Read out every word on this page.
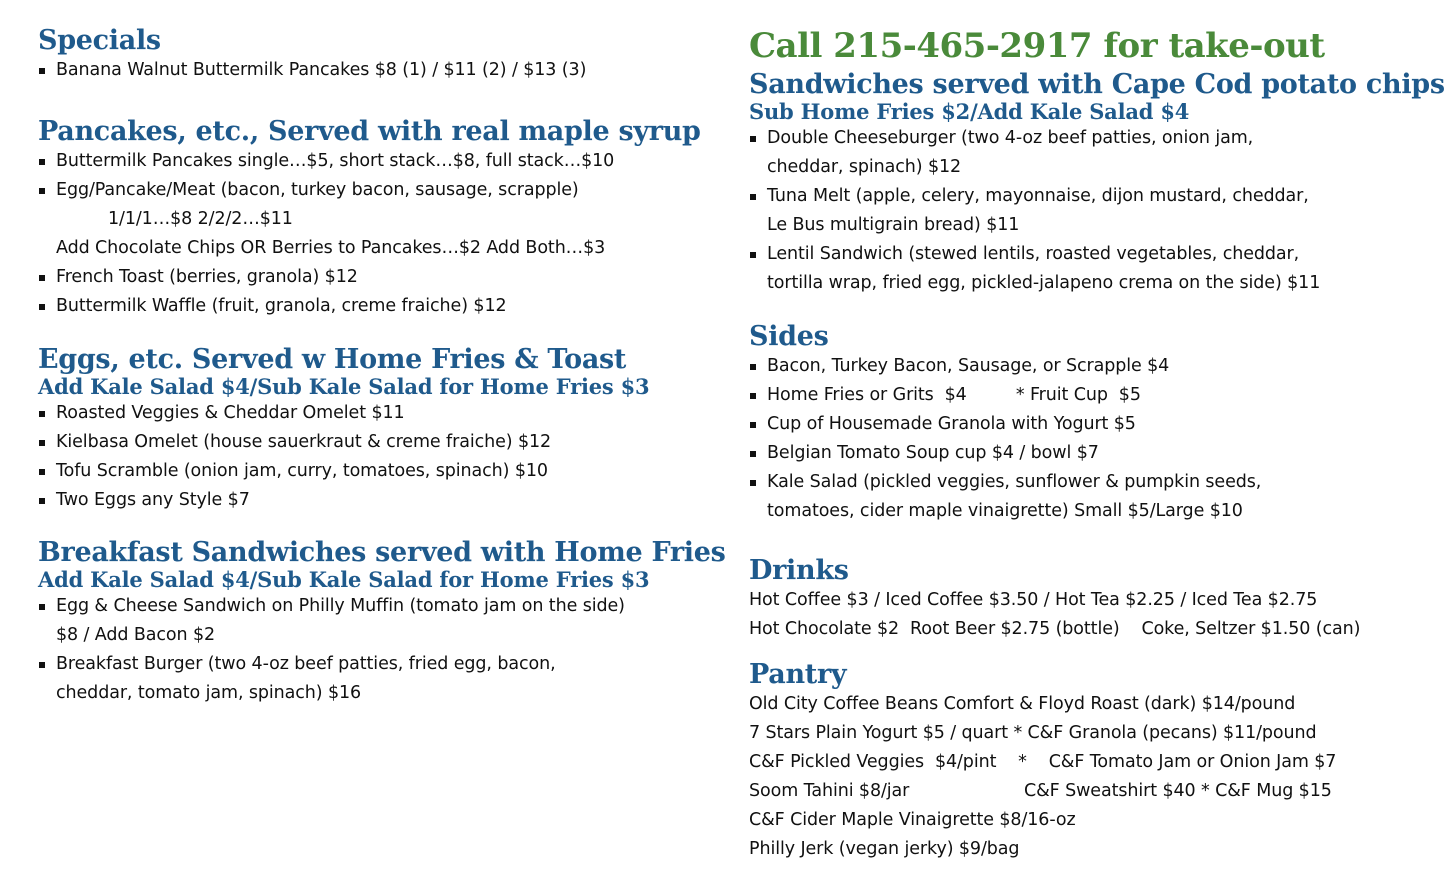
Specials
Banana Walnut Buttermilk Pancakes $8 (1) / $11 (2) / $13 (3)
Pancakes, etc., Served with real maple syrup
Buttermilk Pancakes single…$5, short stack…$8, full stack…$10
Egg/Pancake/Meat (bacon, turkey bacon, sausage, scrapple)
1/1/1…$8 2/2/2…$11
Add Chocolate Chips OR Berries to Pancakes…$2 Add Both…$3
French Toast (berries, granola) $12
Buttermilk Waffle (fruit, granola, creme fraiche) $12
Eggs, etc. Served w Home Fries & Toast
Add Kale Salad $4/Sub Kale Salad for Home Fries $3
Roasted Veggies & Cheddar Omelet $11
Kielbasa Omelet (house sauerkraut & creme fraiche) $12
Tofu Scramble (onion jam, curry, tomatoes, spinach) $10
Two Eggs any Style $7
Breakfast Sandwiches served with Home Fries
Add Kale Salad $4/Sub Kale Salad for Home Fries $3
Egg & Cheese Sandwich on Philly Muffin (tomato jam on the side)
$8 / Add Bacon $2
Breakfast Burger (two 4-oz beef patties, fried egg, bacon,
cheddar, tomato jam, spinach) $16
Call 215-465-2917 for take-out
Sandwiches served with Cape Cod potato chips
Sub Home Fries $2/Add Kale Salad $4
Double Cheeseburger (two 4-oz beef patties, onion jam,
cheddar, spinach) $12
Tuna Melt (apple, celery, mayonnaise, dijon mustard, cheddar,
Le Bus multigrain bread) $11
Lentil Sandwich (stewed lentils, roasted vegetables, cheddar,
tortilla wrap, fried egg, pickled-jalapeno crema on the side) $11
Sides
Bacon, Turkey Bacon, Sausage, or Scrapple $4
Home Fries or Grits  $4         * Fruit Cup  $5
Cup of Housemade Granola with Yogurt $5
Belgian Tomato Soup cup $4 / bowl $7
Kale Salad (pickled veggies, sunflower & pumpkin seeds,
tomatoes, cider maple vinaigrette) Small $5/Large $10
Drinks
Hot Coffee $3 / Iced Coffee $3.50 / Hot Tea $2.25 / Iced Tea $2.75
Hot Chocolate $2  Root Beer $2.75 (bottle)    Coke, Seltzer $1.50 (can)
Pantry
Old City Coffee Beans Comfort & Floyd Roast (dark) $14/pound
7 Stars Plain Yogurt $5 / quart * C&F Granola (pecans) $11/pound
C&F Pickled Veggies  $4/pint    *    C&F Tomato Jam or Onion Jam $7
Soom Tahini $8/jar                     C&F Sweatshirt $40 * C&F Mug $15
C&F Cider Maple Vinaigrette $8/16-oz
Philly Jerk (vegan jerky) $9/bag
